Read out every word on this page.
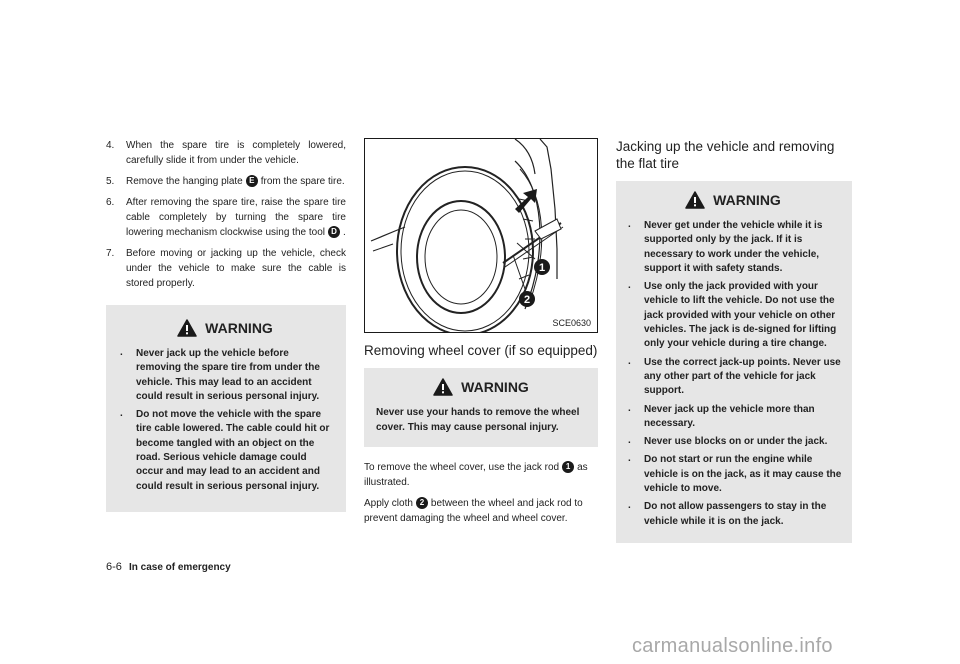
4. When the spare tire is completely lowered, carefully slide it from under the vehicle.
5. Remove the hanging plate E from the spare tire.
6. After removing the spare tire, raise the spare tire cable completely by turning the spare tire lowering mechanism clockwise using the tool D .
7. Before moving or jacking up the vehicle, check under the vehicle to make sure the cable is stored properly.
WARNING
. Never jack up the vehicle before removing the spare tire from under the vehicle. This may lead to an accident could result in serious personal injury.
. Do not move the vehicle with the spare tire cable lowered. The cable could hit or become tangled with an object on the road. Serious vehicle damage could occur and may lead to an accident and could result in serious personal injury.
1
2
SCE0630
Removing wheel cover (if so equipped)
WARNING
Never use your hands to remove the wheel cover. This may cause personal injury.

To remove the wheel cover, use the jack rod 1 as illustrated.

Apply cloth 2 between the wheel and jack rod to prevent damaging the wheel and wheel cover.

Jacking up the vehicle and removing the flat tire
WARNING
. Never get under the vehicle while it is supported only by the jack. If it is necessary to work under the vehicle, support it with safety stands.
. Use only the jack provided with your vehicle to lift the vehicle. Do not use the jack provided with your vehicle on other vehicles. The jack is de-signed for lifting only your vehicle during a tire change.
. Use the correct jack-up points. Never use any other part of the vehicle for jack support.
. Never jack up the vehicle more than necessary.
. Never use blocks on or under the jack.
. Do not start or run the engine while vehicle is on the jack, as it may cause the vehicle to move.
. Do not allow passengers to stay in the vehicle while it is on the jack.
6-6 In case of emergency
carmanualsonline.info
